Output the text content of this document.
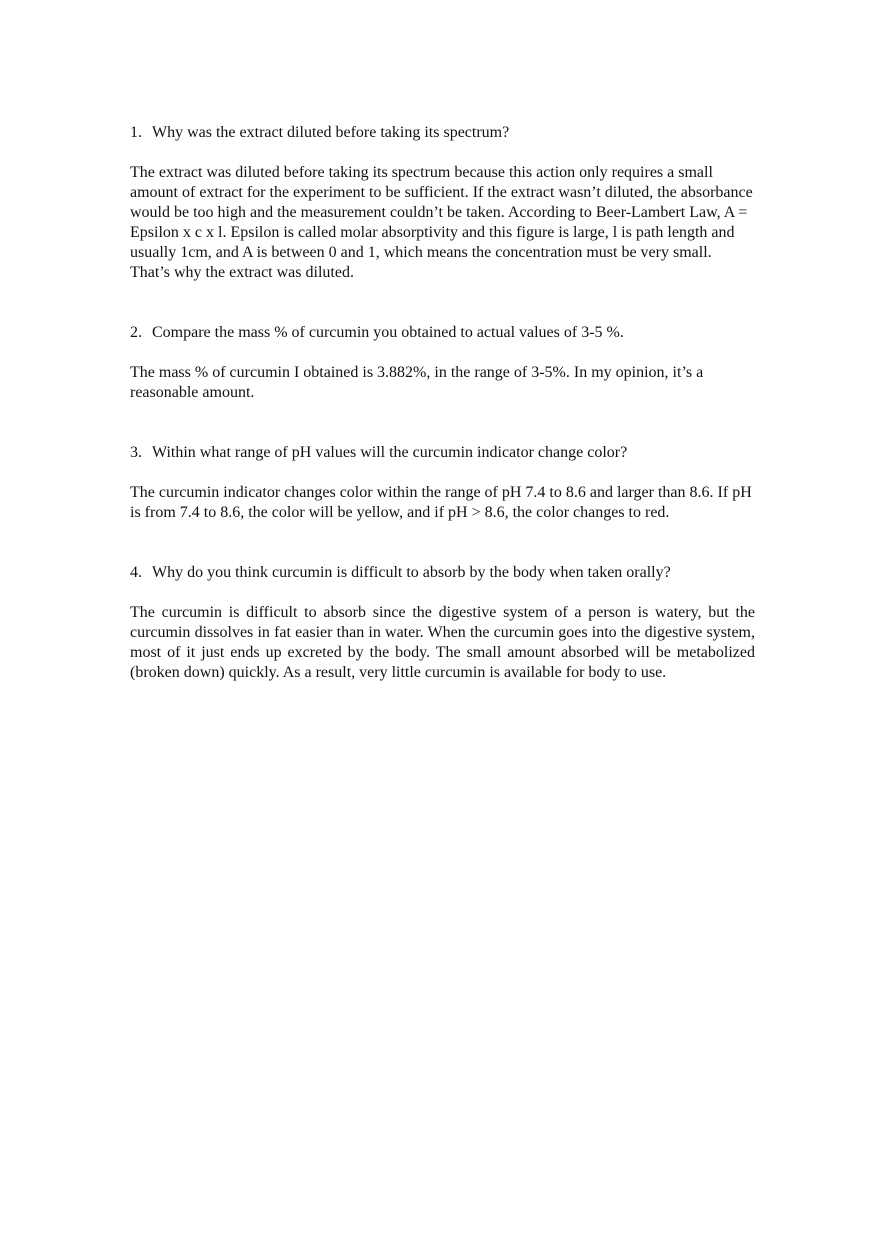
1. Why was the extract diluted before taking its spectrum?

The extract was diluted before taking its spectrum because this action only requires a small amount of extract for the experiment to be sufficient. If the extract wasn’t diluted, the absorbance would be too high and the measurement couldn’t be taken. According to Beer-Lambert Law, A = Epsilon x c x l. Epsilon is called molar absorptivity and this figure is large, l is path length and usually 1cm, and A is between 0 and 1, which means the concentration must be very small. That’s why the extract was diluted.

2. Compare the mass % of curcumin you obtained to actual values of 3-5 %.

The mass % of curcumin I obtained is 3.882%, in the range of 3-5%. In my opinion, it’s a reasonable amount.

3. Within what range of pH values will the curcumin indicator change color?

The curcumin indicator changes color within the range of pH 7.4 to 8.6 and larger than 8.6. If pH is from 7.4 to 8.6, the color will be yellow, and if pH > 8.6, the color changes to red.

4. Why do you think curcumin is difficult to absorb by the body when taken orally?

The curcumin is difficult to absorb since the digestive system of a person is watery, but the curcumin dissolves in fat easier than in water. When the curcumin goes into the digestive system, most of it just ends up excreted by the body. The small amount absorbed will be metabolized (broken down) quickly. As a result, very little curcumin is available for body to use.
